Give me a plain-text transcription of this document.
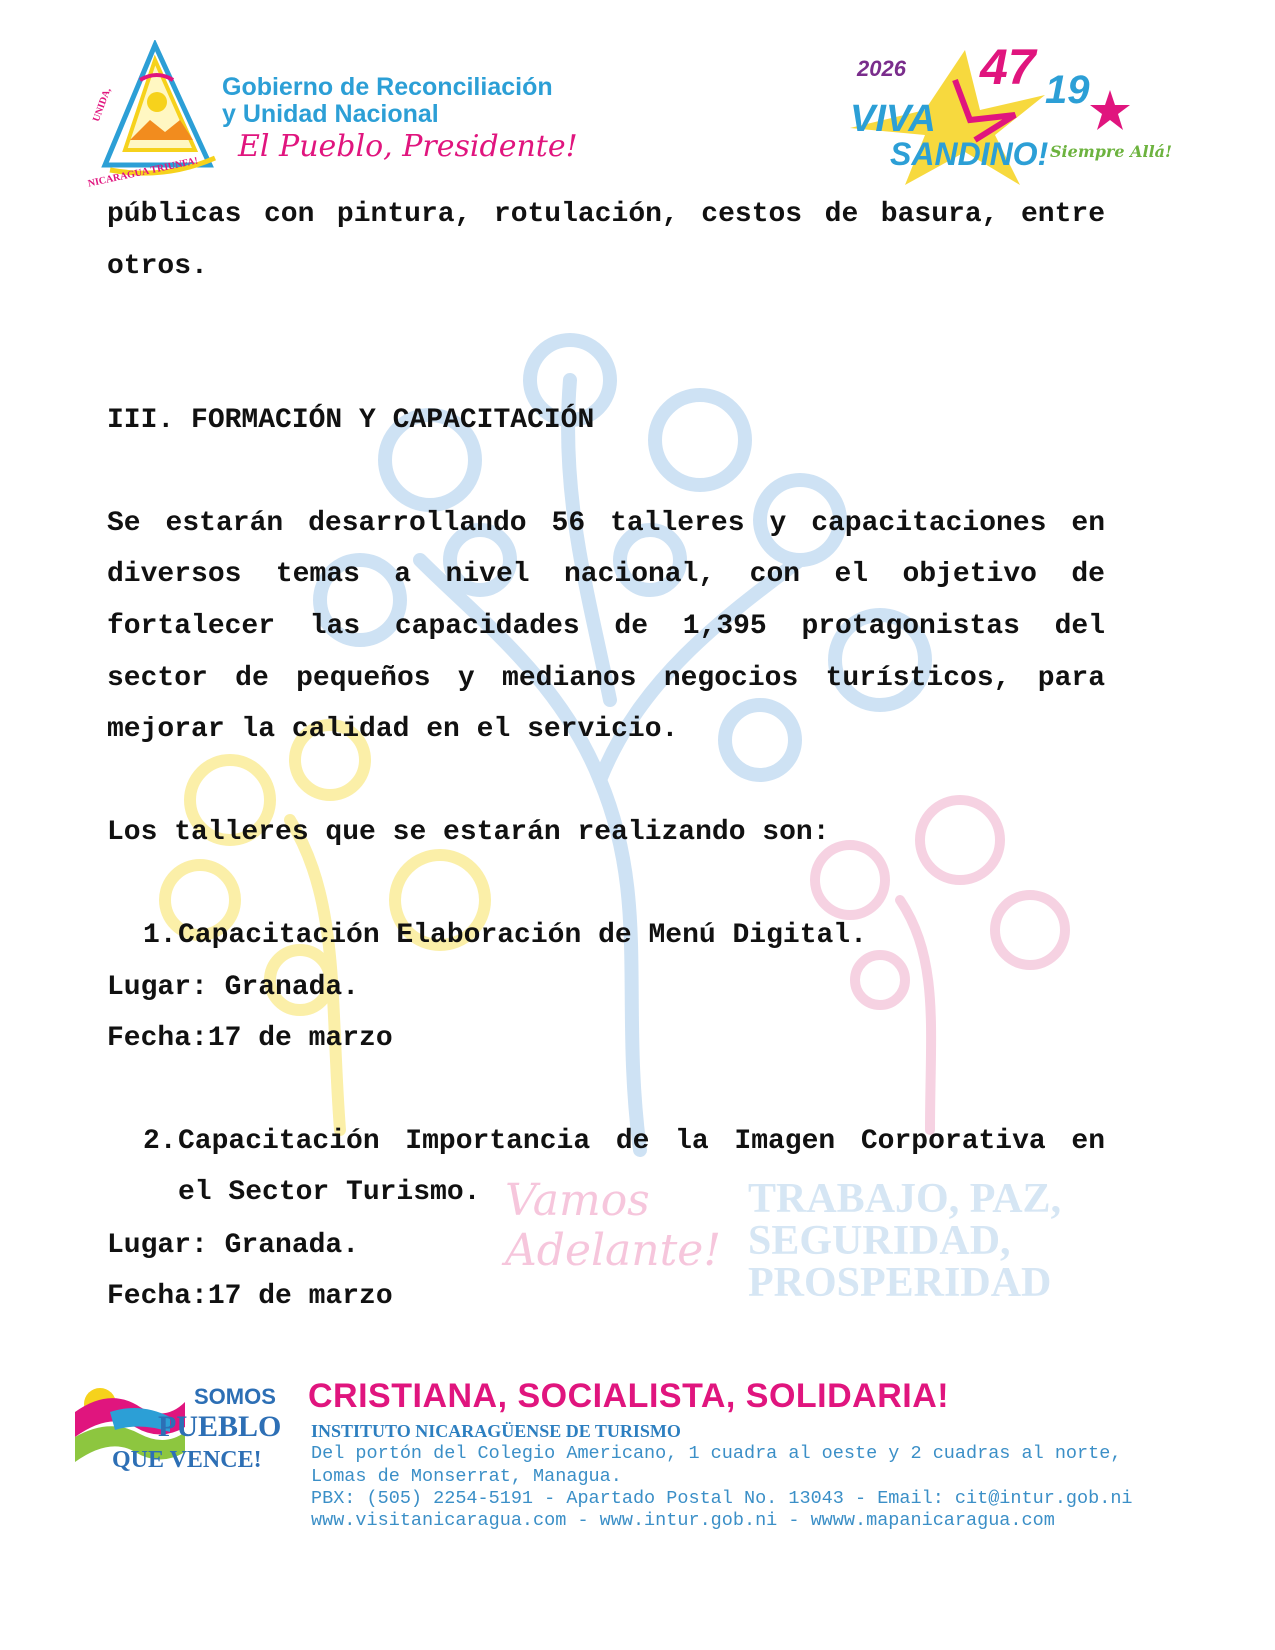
Vamos Adelante!
TRABAJO, PAZ,
SEGURIDAD,
PROSPERIDAD
NICARAGUA TRIUNFA!
UNIDA,	Gobierno de Reconciliación
y Unidad Nacional
El Pueblo, Presidente!
2026 47 19
VIVA
SANDINO! Siempre Allá!
públicas con pintura, rotulación, cestos de basura, entre
otros.
III. FORMACIÓN Y CAPACITACIÓN
Se estarán desarrollando 56 talleres y capacitaciones en
diversos temas a nivel nacional, con el objetivo de
fortalecer las capacidades de 1,395 protagonistas del
sector de pequeños y medianos negocios turísticos, para
mejorar la calidad en el servicio.
Los talleres que se estarán realizando son:
1. Capacitación Elaboración de Menú Digital.
Lugar: Granada.
Fecha:17 de marzo
2. Capacitación Importancia de la Imagen Corporativa en
el Sector Turismo.
Lugar: Granada.
Fecha:17 de marzo
SOMOS
PUEBLO
QUE VENCE!
CRISTIANA, SOCIALISTA, SOLIDARIA!
INSTITUTO NICARAGÜENSE DE TURISMO
Del portón del Colegio Americano, 1 cuadra al oeste y 2 cuadras al norte,
Lomas de Monserrat, Managua.
PBX: (505) 2254-5191 - Apartado Postal No. 13043 - Email: cit@intur.gob.ni
www.visitanicaragua.com - www.intur.gob.ni - wwww.mapanicaragua.com
